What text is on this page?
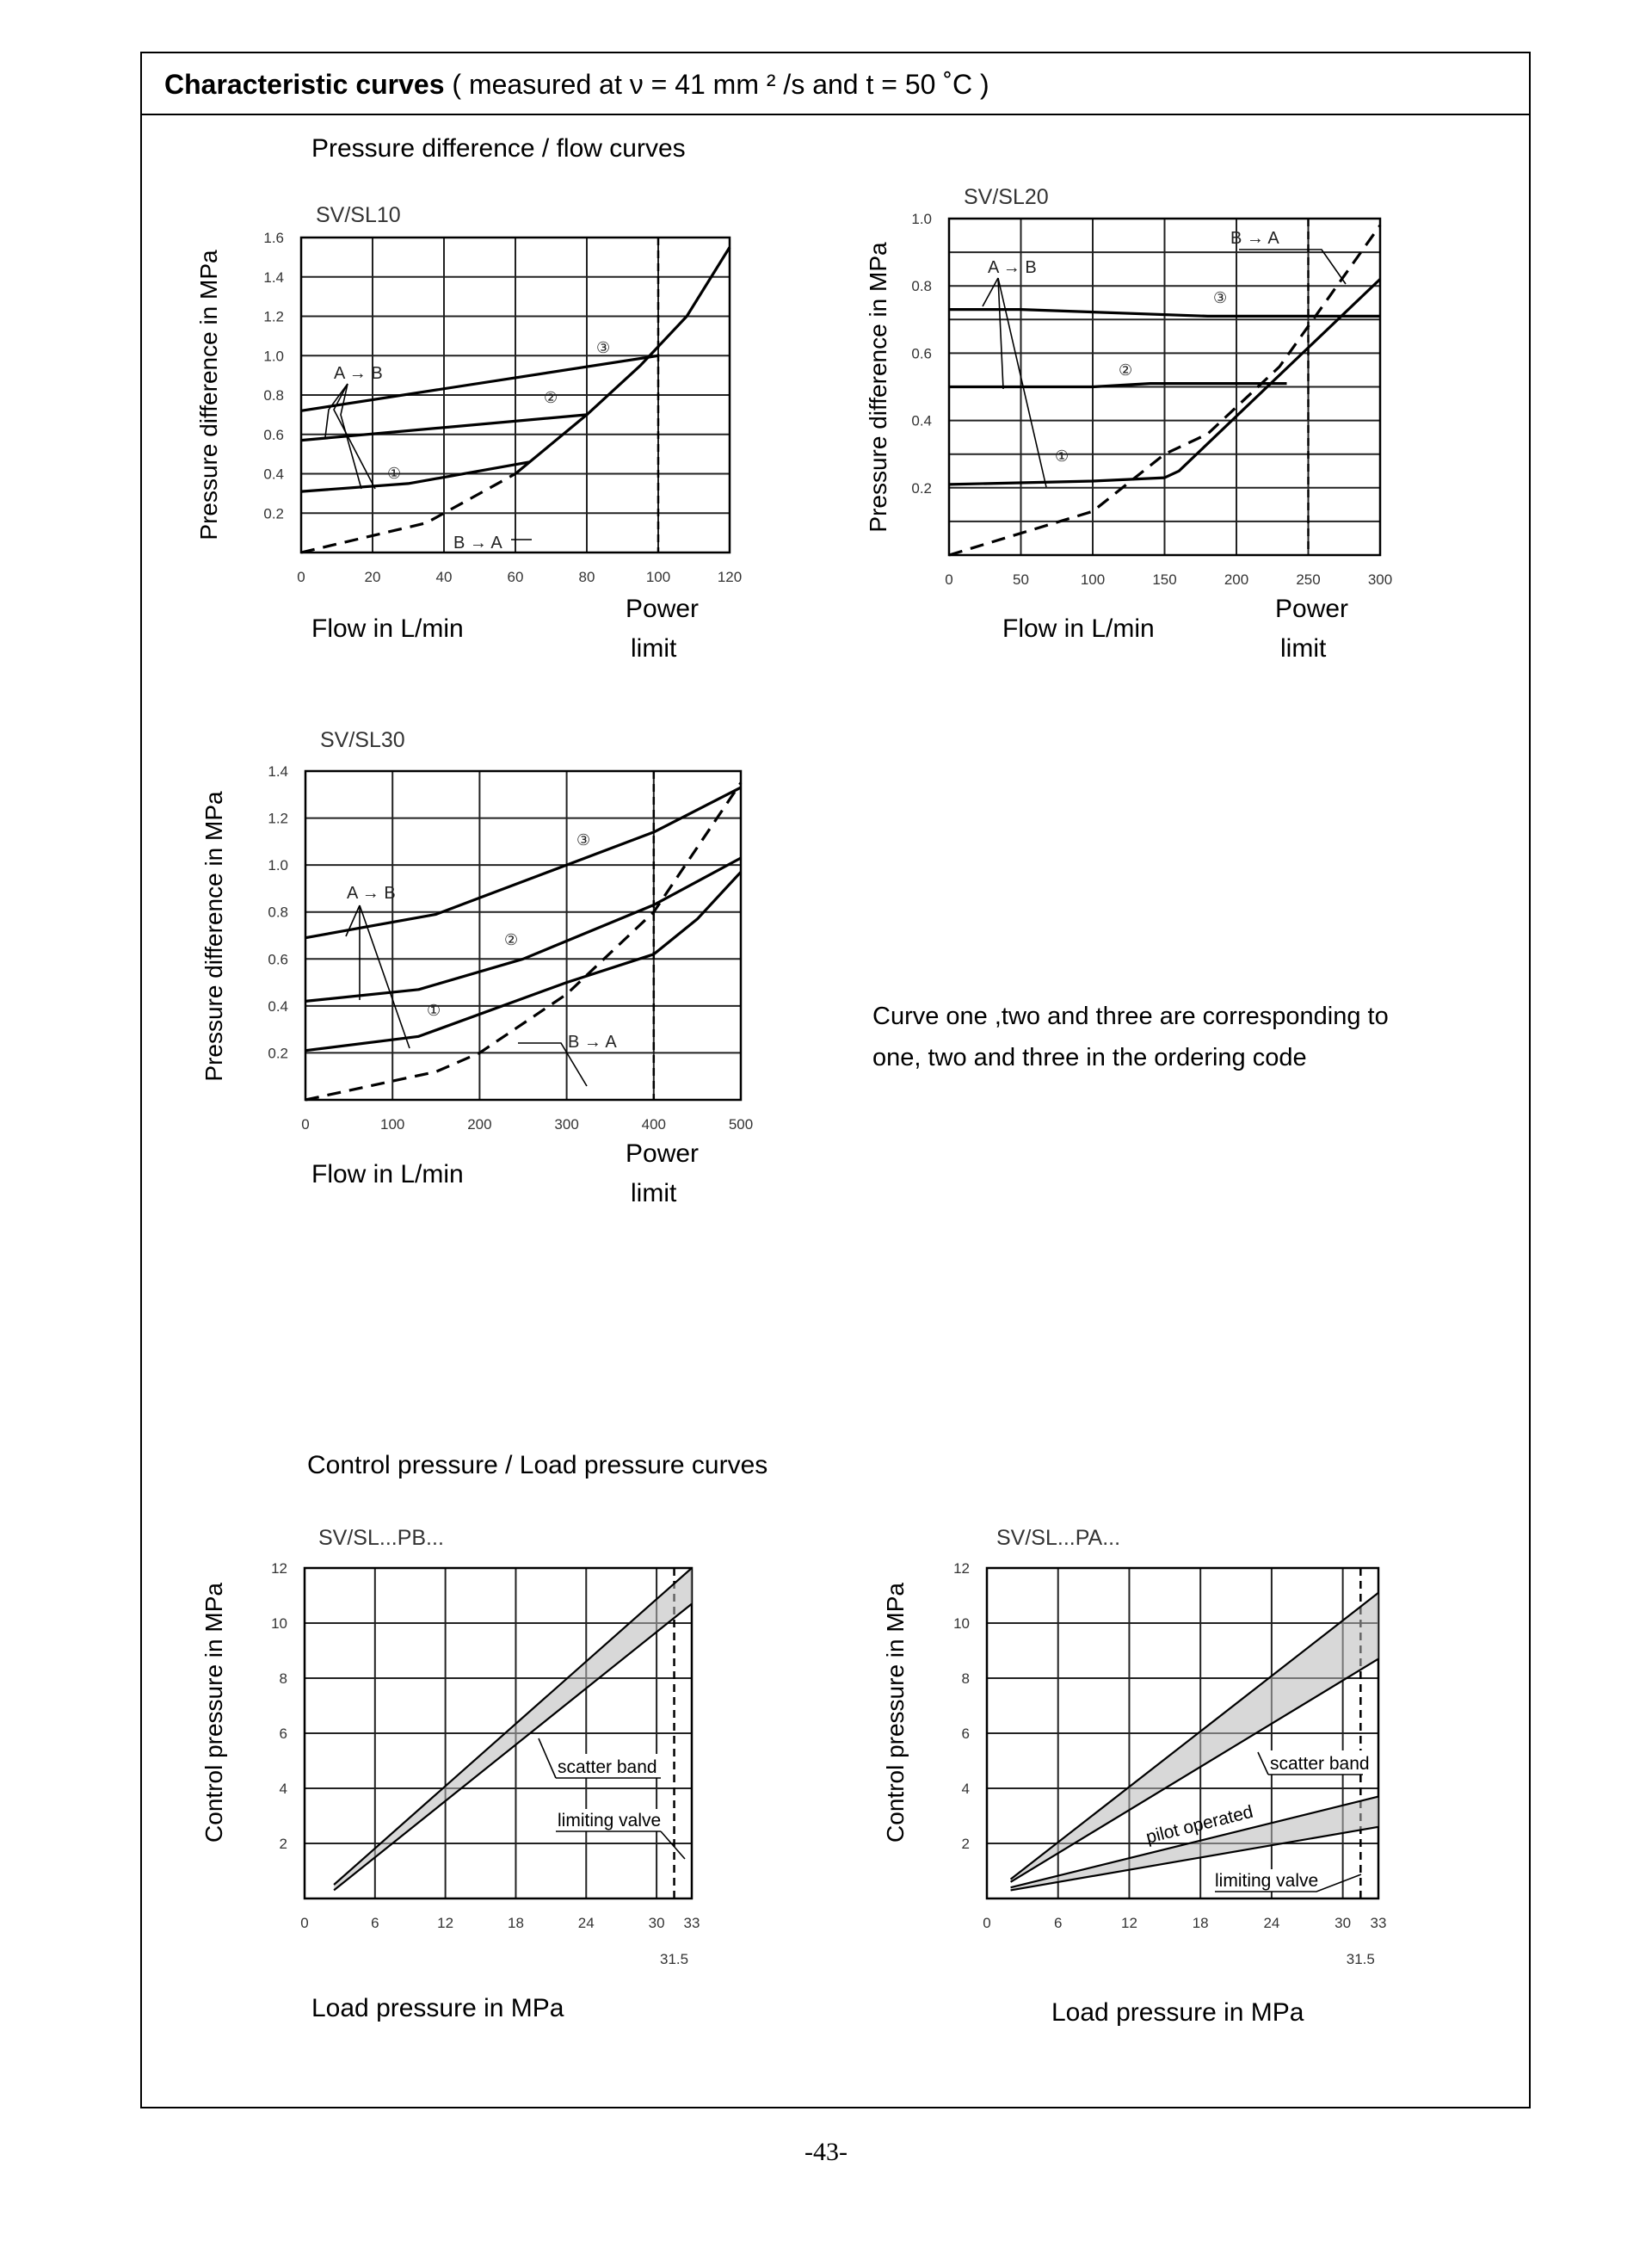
Characteristic curves ( measured at ν = 41 mm ² /s and t = 50 ˚C )
Pressure difference / flow curves
Control pressure / Load pressure curves
Curve one ,two and three are corresponding to
one, two and three in the ordering code
0	20	40	60	80	100	120
0.2
0.4
0.6
0.8
1.0
1.2
1.4
1.6
SV/SL10
Flow in L/min
Pressure difference in MPa
Power
limit
A → B
B → A
③
②
①
0	50	100	150	200	250	300
0.2
0.4
0.6
0.8
1.0
SV/SL20
Flow in L/min
Pressure difference in MPa
Power
limit
A → B
B → A
③
②
①
0	100	200	300	400	500
0.2
0.4
0.6
0.8
1.0
1.2
1.4
SV/SL30
Flow in L/min
Pressure difference in MPa
Power
limit
A → B
B → A
③
②
①
0	6	12	18	24	30 33
2
4
6
8
10
12
SV/SL...PB...
Load pressure in MPa
Control pressure in MPa
31.5
scatter band
limiting valve
0	6	12	18	24	30 33
2
4
6
8
10
12
SV/SL...PA...
Load pressure in MPa
Control pressure in MPa
31.5
scatter band
pilot operated
limiting valve
-43-
